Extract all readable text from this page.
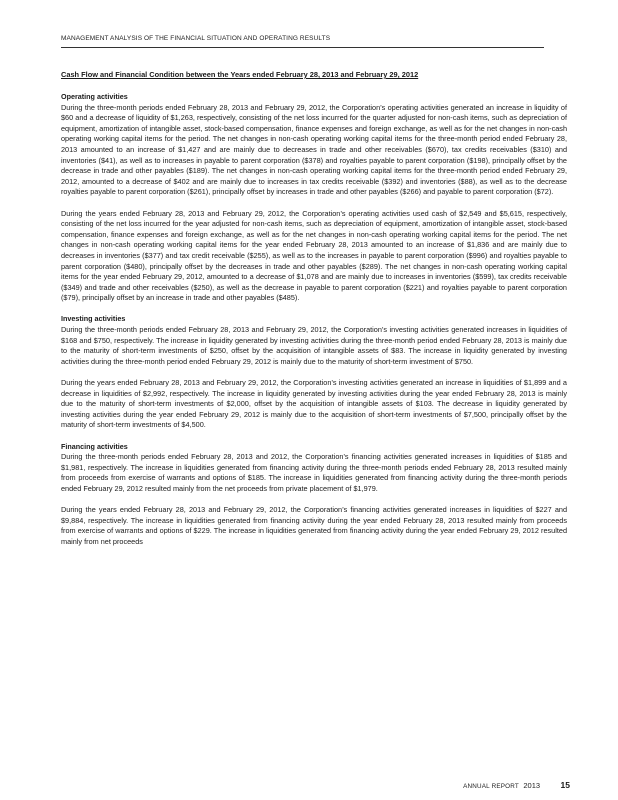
MANAGEMENT ANALYSIS OF THE FINANCIAL SITUATION AND OPERATING RESULTS

Cash Flow and Financial Condition between the Years ended February 28, 2013 and February 29, 2012

Operating activities

During the three-month periods ended February 28, 2013 and February 29, 2012, the Corporation’s operating activities generated an increase in liquidity of $60 and a decrease of liquidity of $1,263, respectively, consisting of the net loss incurred for the quarter adjusted for non-cash items, such as depreciation of equipment, amortization of intangible asset, stock-based compensation, finance expenses and foreign exchange, as well as for the net changes in non-cash operating working capital items for the period. The net changes in non-cash operating working capital items for the three-month period ended February 28, 2013 amounted to an increase of $1,427 and are mainly due to decreases in trade and other receivables ($670), tax credits receivables ($310) and inventories ($41), as well as to increases in payable to parent corporation ($378) and royalties payable to parent corporation ($198), principally offset by the decrease in trade and other payables ($189). The net changes in non-cash operating working capital items for the three-month period ended February 29, 2012, amounted to a decrease of $402 and are mainly due to increases in tax credits receivable ($392) and inventories ($88), as well as to the decrease royalties payable to parent corporation ($261), principally offset by increases in trade and other payables ($266) and payable to parent corporation ($72).

During the years ended February 28, 2013 and February 29, 2012, the Corporation’s operating activities used cash of $2,549 and $5,615, respectively, consisting of the net loss incurred for the year adjusted for non-cash items, such as depreciation of equipment, amortization of intangible asset, stock-based compensation, finance expenses and foreign exchange, as well as for the net changes in non-cash operating working capital items for the period. The net changes in non-cash operating working capital items for the year ended February 28, 2013 amounted to an increase of $1,836 and are mainly due to decreases in inventories ($377) and tax credit receivable ($255), as well as to the increases in payable to parent corporation ($996) and royalties payable to parent corporation ($480), principally offset by the decreases in trade and other payables ($289). The net changes in non-cash operating working capital items for the year ended February 29, 2012, amounted to a decrease of $1,078 and are mainly due to increases in inventories ($599), tax credits receivable ($349) and trade and other receivables ($250), as well as the decrease in payable to parent corporation ($221) and royalties payable to parent corporation ($79), principally offset by an increase in trade and other payables ($485).

Investing activities

During the three-month periods ended February 28, 2013 and February 29, 2012, the Corporation’s investing activities generated increases in liquidities of $168 and $750, respectively. The increase in liquidity generated by investing activities during the three-month period ended February 28, 2013 is mainly due to the maturity of short-term investments of $250, offset by the acquisition of intangible assets of $83. The increase in liquidity generated by investing activities during the three-month period ended February 29, 2012 is mainly due to the maturity of short-term investment of $750.

During the years ended February 28, 2013 and February 29, 2012, the Corporation’s investing activities generated an increase in liquidities of $1,899 and a decrease in liquidities of $2,992, respectively. The increase in liquidity generated by investing activities during the year ended February 28, 2013 is mainly due to the maturity of short-term investments of $2,000, offset by the acquisition of intangible assets of $103. The decrease in liquidity generated by investing activities during the year ended February 29, 2012 is mainly due to the acquisition of short-term investments of $7,500, principally offset by the maturity of short-term investments of $4,500.

Financing activities

During the three-month periods ended February 28, 2013 and 2012, the Corporation’s financing activities generated increases in liquidities of $185 and $1,981, respectively. The increase in liquidities generated from financing activity during the three-month periods ended February 28, 2013 resulted mainly from proceeds from exercise of warrants and options of $185. The increase in liquidities generated from financing activity during the three-month periods ended February 29, 2012 resulted mainly from the net proceeds from private placement of $1,979.

During the years ended February 28, 2013 and February 29, 2012, the Corporation’s financing activities generated increases in liquidities of $227 and $9,884, respectively. The increase in liquidities generated from financing activity during the year ended February 28, 2013 resulted mainly from proceeds from exercise of warrants and options of $229. The increase in liquidities generated from financing activity during the year ended February 29, 2012 resulted mainly from net proceeds

ANNUAL REPORT 2013 15
